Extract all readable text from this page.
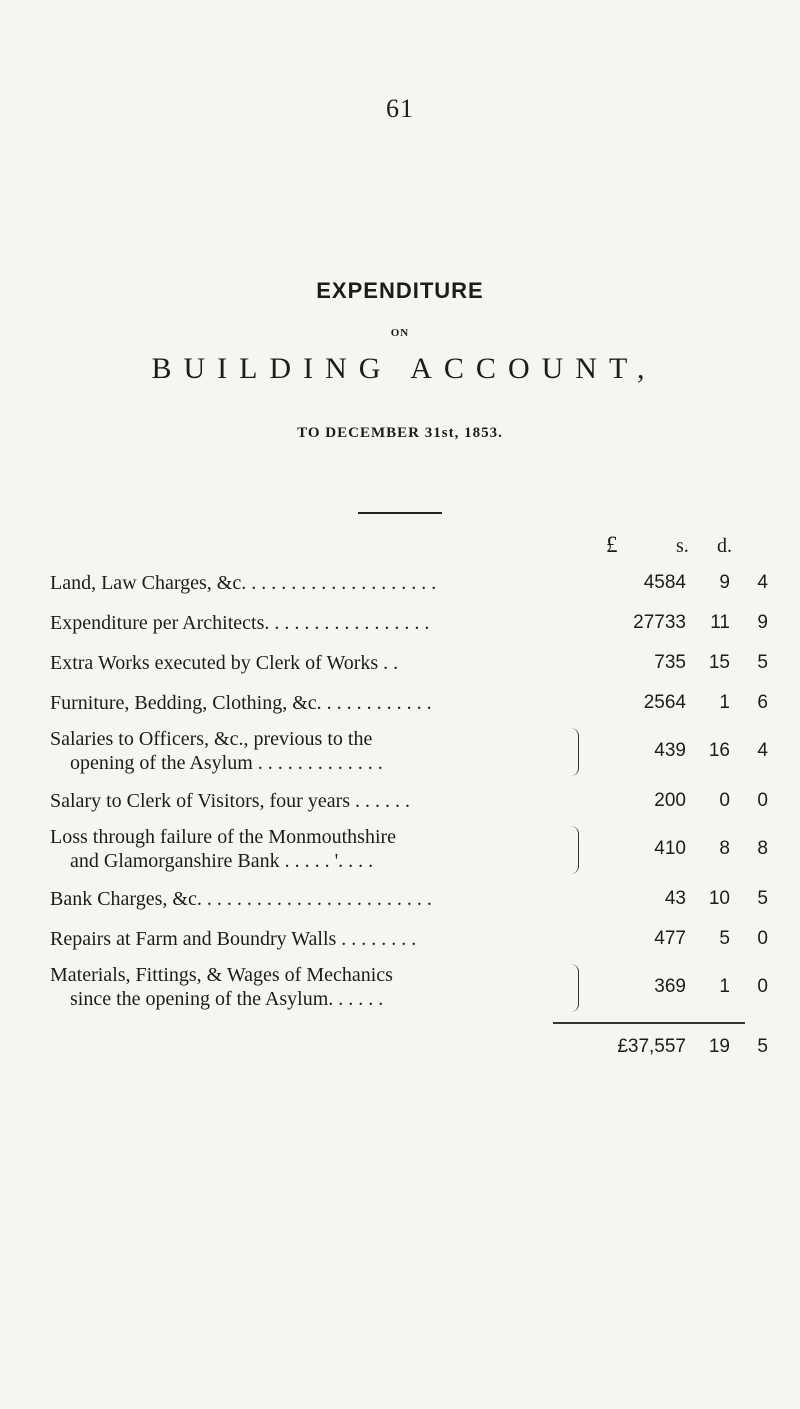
61
EXPENDITURE
ON
BUILDING ACCOUNT,
TO DECEMBER 31st, 1853.
£	s. d.
Land, Law Charges, &c. . . . . . . . . . . . . . . . . . . .	4584	9	4
Expenditure per Architects. . . . . . . . . . . . . . . . .	27733	11	9
Extra Works executed by Clerk of Works . .	735	15	5
Furniture, Bedding, Clothing, &c. . . . . . . . . . . .	2564	1	6
Salaries to Officers, &c., previous to the
opening of the Asylum . . . . . . . . . . . . .
439	16	4
Salary to Clerk of Visitors, four years . . . . . .	200	0	0
Loss through failure of the Monmouthshire
and Glamorganshire Bank . . . . . '. . . .
410	8	8
Bank Charges, &c. . . . . . . . . . . . . . . . . . . . . . . .	43	10	5
Repairs at Farm and Boundry Walls . . . . . . . .	477	5	0
Materials, Fittings, & Wages of Mechanics
since the opening of the Asylum. . . . . .
369	1	0
£37,557	19	5
